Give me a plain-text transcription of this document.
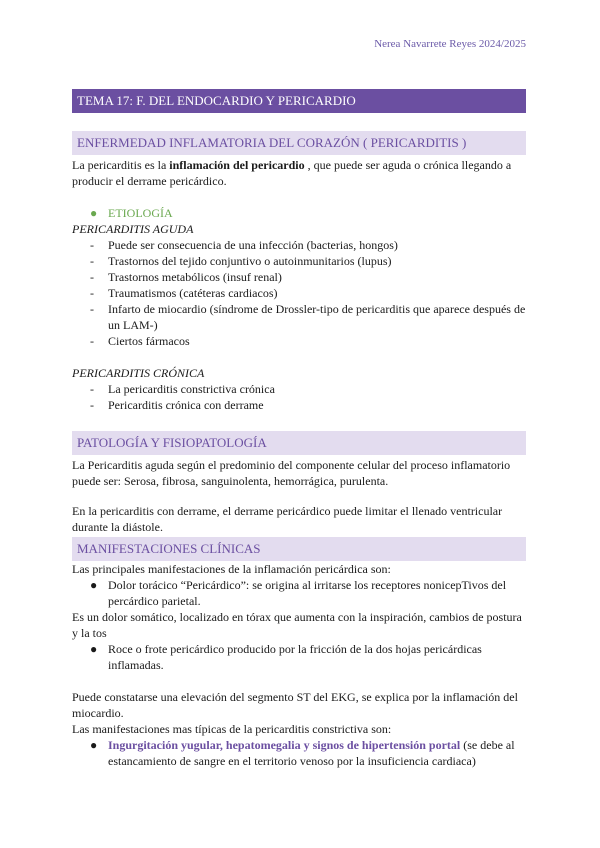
Nerea Navarrete Reyes 2024/2025
TEMA 17: F. DEL ENDOCARDIO Y PERICARDIO
ENFERMEDAD INFLAMATORIA DEL CORAZÓN ( PERICARDITIS )

La pericarditis es la inflamación del pericardio , que puede ser aguda o crónica llegando a producir el derrame pericárdico.

● ETIOLOGÍA

PERICARDITIS AGUDA

- Puede ser consecuencia de una infección (bacterias, hongos)
- Trastornos del tejido conjuntivo o autoinmunitarios (lupus)
- Trastornos metabólicos (insuf renal)
- Traumatismos (catéteras cardiacos)
- Infarto de miocardio (síndrome de Drossler-tipo de pericarditis que aparece después de un LAM-)
- Ciertos fármacos

PERICARDITIS CRÓNICA

- La pericarditis constrictiva crónica
- Pericarditis crónica con derrame
PATOLOGÍA Y FISIOPATOLOGÍA

La Pericarditis aguda según el predominio del componente celular del proceso inflamatorio puede ser: Serosa, fibrosa, sanguinolenta, hemorrágica, purulenta.

En la pericarditis con derrame, el derrame pericárdico puede limitar el llenado ventricular durante la diástole.

MANIFESTACIONES CLÍNICAS

Las principales manifestaciones de la inflamación pericárdica son:

● Dolor torácico “Pericárdico”: se origina al irritarse los receptores nonicepTivos del percárdico parietal.

Es un dolor somático, localizado en tórax que aumenta con la inspiración, cambios de postura y la tos

● Roce o frote pericárdico producido por la fricción de la dos hojas pericárdicas inflamadas.

Puede constatarse una elevación del segmento ST del EKG, se explica por la inflamación del miocardio.

Las manifestaciones mas típicas de la pericarditis constrictiva son:

● Ingurgitación yugular, hepatomegalia y signos de hipertensión portal (se debe al estancamiento de sangre en el territorio venoso por la insuficiencia cardiaca)
